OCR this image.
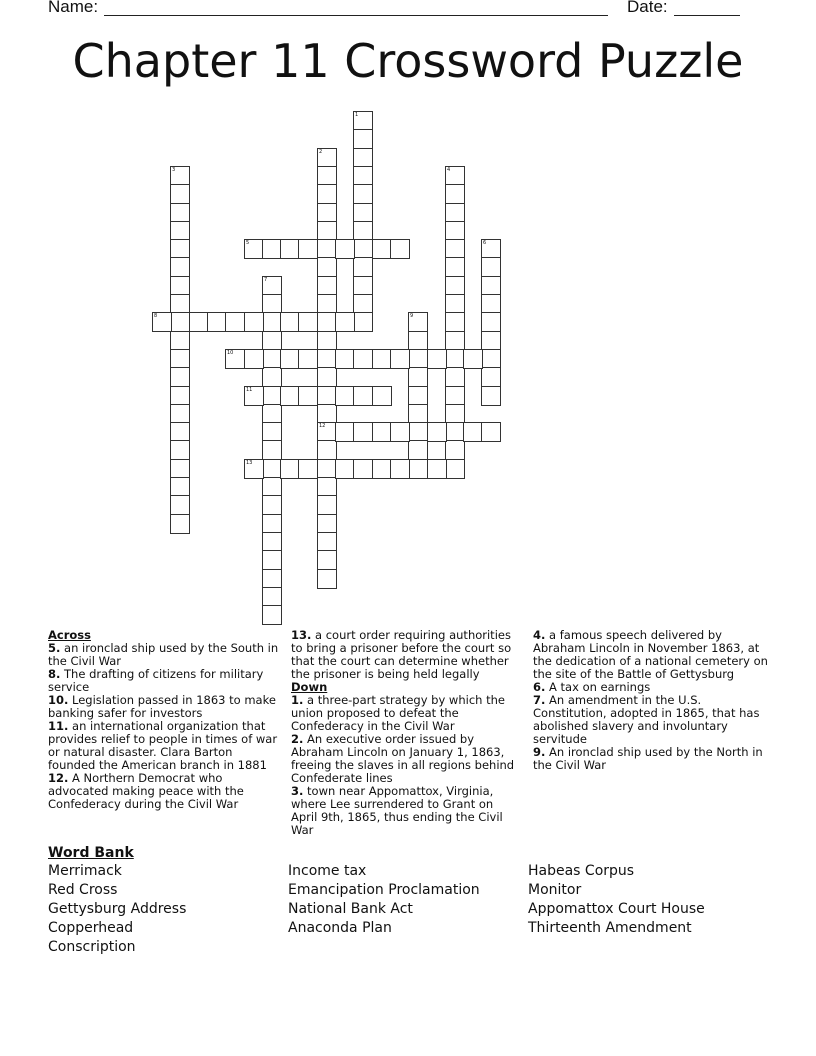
Name:	Date:
Chapter 11 Crossword Puzzle
1
2
12
3	4
5	6
7
8	9
10
11
13

Across

5. an ironclad ship used by the South in the Civil War

8. The drafting of citizens for military service

10. Legislation passed in 1863 to make banking safer for investors

11. an international organization that provides relief to people in times of war or natural disaster. Clara Barton founded the American branch in 1881

12. A Northern Democrat who advocated making peace with the Confederacy during the Civil War

13. a court order requiring authorities to bring a prisoner before the court so that the court can determine whether the prisoner is being held legally

Down

1. a three-part strategy by which the union proposed to defeat the Confederacy in the Civil War

2. An executive order issued by Abraham Lincoln on January 1, 1863, freeing the slaves in all regions behind Confederate lines

3. town near Appomattox, Virginia, where Lee surrendered to Grant on April 9th, 1865, thus ending the Civil War

4. a famous speech delivered by Abraham Lincoln in November 1863, at the dedication of a national cemetery on the site of the Battle of Gettysburg

6. A tax on earnings

7. An amendment in the U.S. Constitution, adopted in 1865, that has abolished slavery and involuntary servitude

9. An ironclad ship used by the North in the Civil War

Word Bank
Merrimack
Red Cross
Gettysburg Address
Copperhead
Conscription
Income tax
Emancipation Proclamation
National Bank Act
Anaconda Plan
Habeas Corpus
Monitor
Appomattox Court House
Thirteenth Amendment
